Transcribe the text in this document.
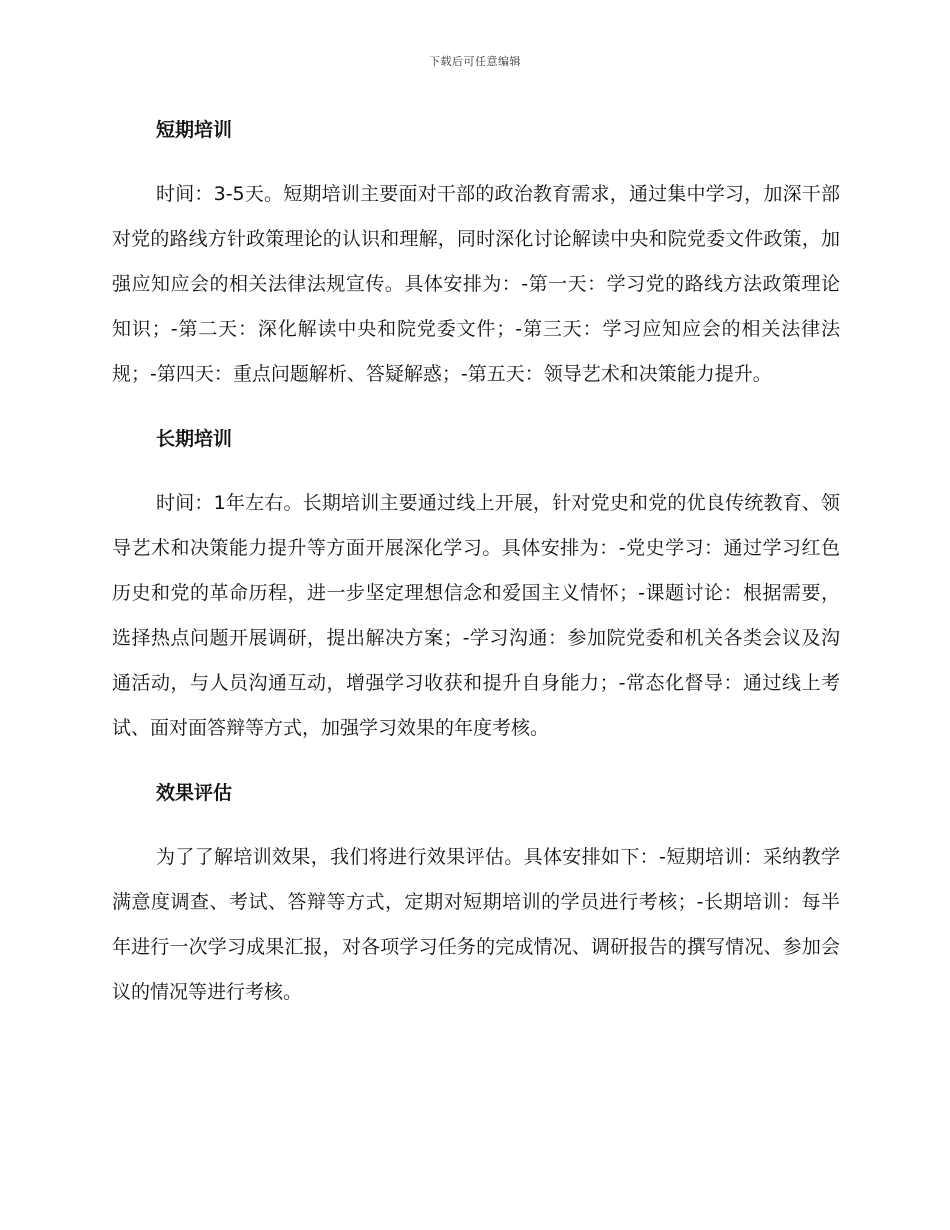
下载后可任意编辑
短期培训

时间：3-5天。短期培训主要面对干部的政治教育需求，通过集中学习，加深干部对党的路线方针政策理论的认识和理解，同时深化讨论解读中央和院党委文件政策，加强应知应会的相关法律法规宣传。具体安排为：-第一天：学习党的路线方法政策理论知识；-第二天：深化解读中央和院党委文件；-第三天：学习应知应会的相关法律法规；-第四天：重点问题解析、答疑解惑；-第五天：领导艺术和决策能力提升。

长期培训

时间：1年左右。长期培训主要通过线上开展，针对党史和党的优良传统教育、领导艺术和决策能力提升等方面开展深化学习。具体安排为：-党史学习：通过学习红色历史和党的革命历程，进一步坚定理想信念和爱国主义情怀；-课题讨论：根据需要，选择热点问题开展调研，提出解决方案；-学习沟通：参加院党委和机关各类会议及沟通活动，与人员沟通互动，增强学习收获和提升自身能力；-常态化督导：通过线上考试、面对面答辩等方式，加强学习效果的年度考核。

效果评估

为了了解培训效果，我们将进行效果评估。具体安排如下：-短期培训：采纳教学满意度调查、考试、答辩等方式，定期对短期培训的学员进行考核；-长期培训：每半年进行一次学习成果汇报，对各项学习任务的完成情况、调研报告的撰写情况、参加会议的情况等进行考核。
